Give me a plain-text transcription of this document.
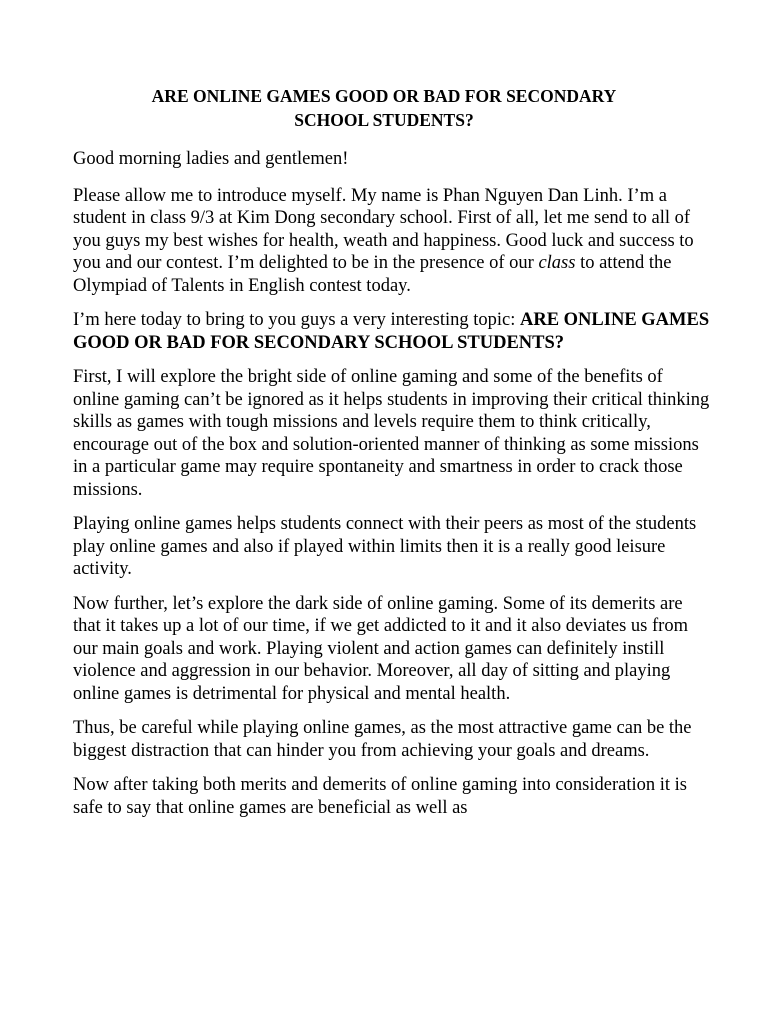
ARE ONLINE GAMES GOOD OR BAD FOR SECONDARY
SCHOOL STUDENTS?

Good morning ladies and gentlemen!

Please allow me to introduce myself. My name is Phan Nguyen Dan Linh. I’m a student in class 9/3 at Kim Dong secondary school. First of all, let me send to all of you guys my best wishes for health, weath and happiness. Good luck and success to you and our contest. I’m delighted to be in the presence of our class to attend the Olympiad of Talents in English contest today.

I’m here today to bring to you guys a very interesting topic: ARE ONLINE GAMES GOOD OR BAD FOR SECONDARY SCHOOL STUDENTS?

First, I will explore the bright side of online gaming and some of the benefits of online gaming can’t be ignored as it helps students in improving their critical thinking skills as games with tough missions and levels require them to think critically, encourage out of the box and solution-oriented manner of thinking as some missions in a particular game may require spontaneity and smartness in order to crack those missions.

Playing online games helps students connect with their peers as most of the students play online games and also if played within limits then it is a really good leisure activity.

Now further, let’s explore the dark side of online gaming. Some of its demerits are that it takes up a lot of our time, if we get addicted to it and it also deviates us from our main goals and work. Playing violent and action games can definitely instill violence and aggression in our behavior. Moreover, all day of sitting and playing online games is detrimental for physical and mental health.

Thus, be careful while playing online games, as the most attractive game can be the biggest distraction that can hinder you from achieving your goals and dreams.

Now after taking both merits and demerits of online gaming into consideration it is safe to say that online games are beneficial as well as
